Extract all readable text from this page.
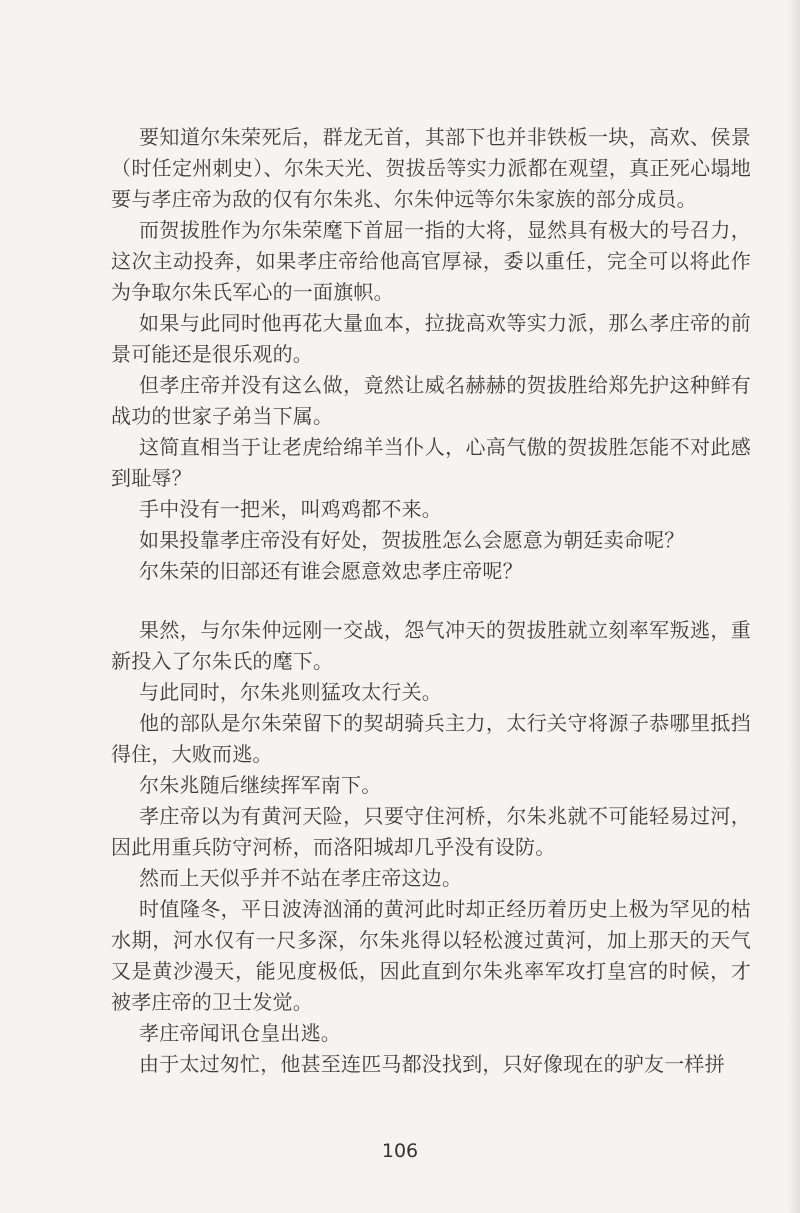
要知道尔朱荣死后，群龙无首，其部下也并非铁板一块，高欢、侯景（时任定州刺史）、尔朱天光、贺拔岳等实力派都在观望，真正死心塌地要与孝庄帝为敌的仅有尔朱兆、尔朱仲远等尔朱家族的部分成员。

而贺拔胜作为尔朱荣麾下首屈一指的大将，显然具有极大的号召力，这次主动投奔，如果孝庄帝给他高官厚禄，委以重任，完全可以将此作为争取尔朱氏军心的一面旗帜。

如果与此同时他再花大量血本，拉拢高欢等实力派，那么孝庄帝的前景可能还是很乐观的。

但孝庄帝并没有这么做，竟然让威名赫赫的贺拔胜给郑先护这种鲜有战功的世家子弟当下属。

这简直相当于让老虎给绵羊当仆人，心高气傲的贺拔胜怎能不对此感到耻辱？

手中没有一把米，叫鸡鸡都不来。

如果投靠孝庄帝没有好处，贺拔胜怎么会愿意为朝廷卖命呢？

尔朱荣的旧部还有谁会愿意效忠孝庄帝呢？

果然，与尔朱仲远刚一交战，怨气冲天的贺拔胜就立刻率军叛逃，重新投入了尔朱氏的麾下。

与此同时，尔朱兆则猛攻太行关。

他的部队是尔朱荣留下的契胡骑兵主力，太行关守将源子恭哪里抵挡得住，大败而逃。

尔朱兆随后继续挥军南下。

孝庄帝以为有黄河天险，只要守住河桥，尔朱兆就不可能轻易过河，因此用重兵防守河桥，而洛阳城却几乎没有设防。

然而上天似乎并不站在孝庄帝这边。

时值隆冬，平日波涛汹涌的黄河此时却正经历着历史上极为罕见的枯水期，河水仅有一尺多深，尔朱兆得以轻松渡过黄河，加上那天的天气又是黄沙漫天，能见度极低，因此直到尔朱兆率军攻打皇宫的时候，才被孝庄帝的卫士发觉。

孝庄帝闻讯仓皇出逃。

由于太过匆忙，他甚至连匹马都没找到，只好像现在的驴友一样拼

106
